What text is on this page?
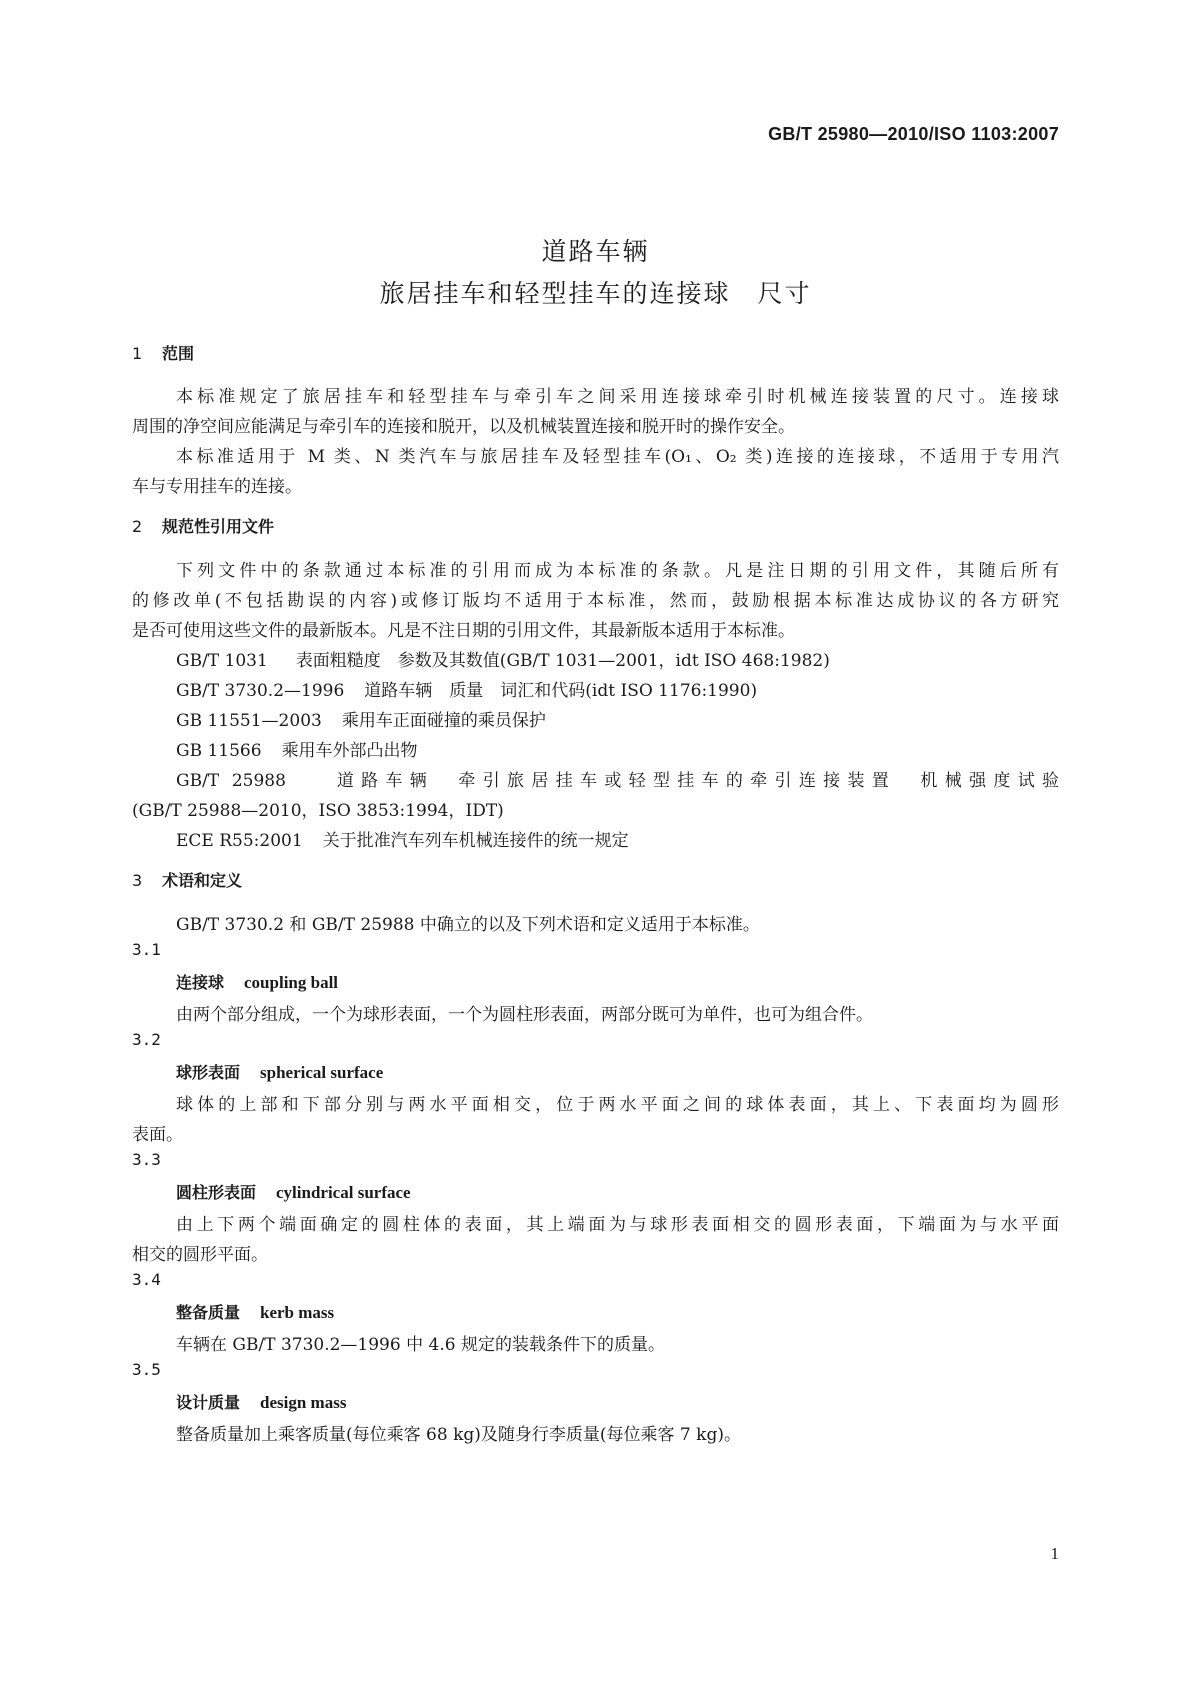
GB/T 25980—2010/ISO 1103:2007
道路车辆
旅居挂车和轻型挂车的连接球　尺寸
1 范围
本标准规定了旅居挂车和轻型挂车与牵引车之间采用连接球牵引时机械连接装置的尺寸。连接球
周围的净空间应能满足与牵引车的连接和脱开，以及机械装置连接和脱开时的操作安全。
本标准适用于 M 类、N 类汽车与旅居挂车及轻型挂车(O₁、O₂ 类)连接的连接球，不适用于专用汽
车与专用挂车的连接。
2 规范性引用文件
下列文件中的条款通过本标准的引用而成为本标准的条款。凡是注日期的引用文件，其随后所有
的修改单(不包括勘误的内容)或修订版均不适用于本标准，然而，鼓励根据本标准达成协议的各方研究
是否可使用这些文件的最新版本。凡是不注日期的引用文件，其最新版本适用于本标准。
GB/T 1031 表面粗糙度　参数及其数值(GB/T 1031—2001，idt ISO 468:1982)
GB/T 3730.2—1996 道路车辆　质量　词汇和代码(idt ISO 1176:1990)
GB 11551—2003 乘用车正面碰撞的乘员保护
GB 11566 乘用车外部凸出物
GB/T 25988	道路车辆　牵引旅居挂车或轻型挂车的牵引连接装置　机械强度试验
(GB/T 25988—2010，ISO 3853:1994，IDT)
ECE R55:2001 关于批准汽车列车机械连接件的统一规定
3 术语和定义
GB/T 3730.2 和 GB/T 25988 中确立的以及下列术语和定义适用于本标准。
3.1
连接球 coupling ball
由两个部分组成，一个为球形表面，一个为圆柱形表面，两部分既可为单件，也可为组合件。
3.2
球形表面 spherical surface
球体的上部和下部分别与两水平面相交，位于两水平面之间的球体表面，其上、下表面均为圆形
表面。
3.3
圆柱形表面 cylindrical surface
由上下两个端面确定的圆柱体的表面，其上端面为与球形表面相交的圆形表面，下端面为与水平面
相交的圆形平面。
3.4
整备质量 kerb mass
车辆在 GB/T 3730.2—1996 中 4.6 规定的装载条件下的质量。
3.5
设计质量 design mass
整备质量加上乘客质量(每位乘客 68 kg)及随身行李质量(每位乘客 7 kg)。
1
